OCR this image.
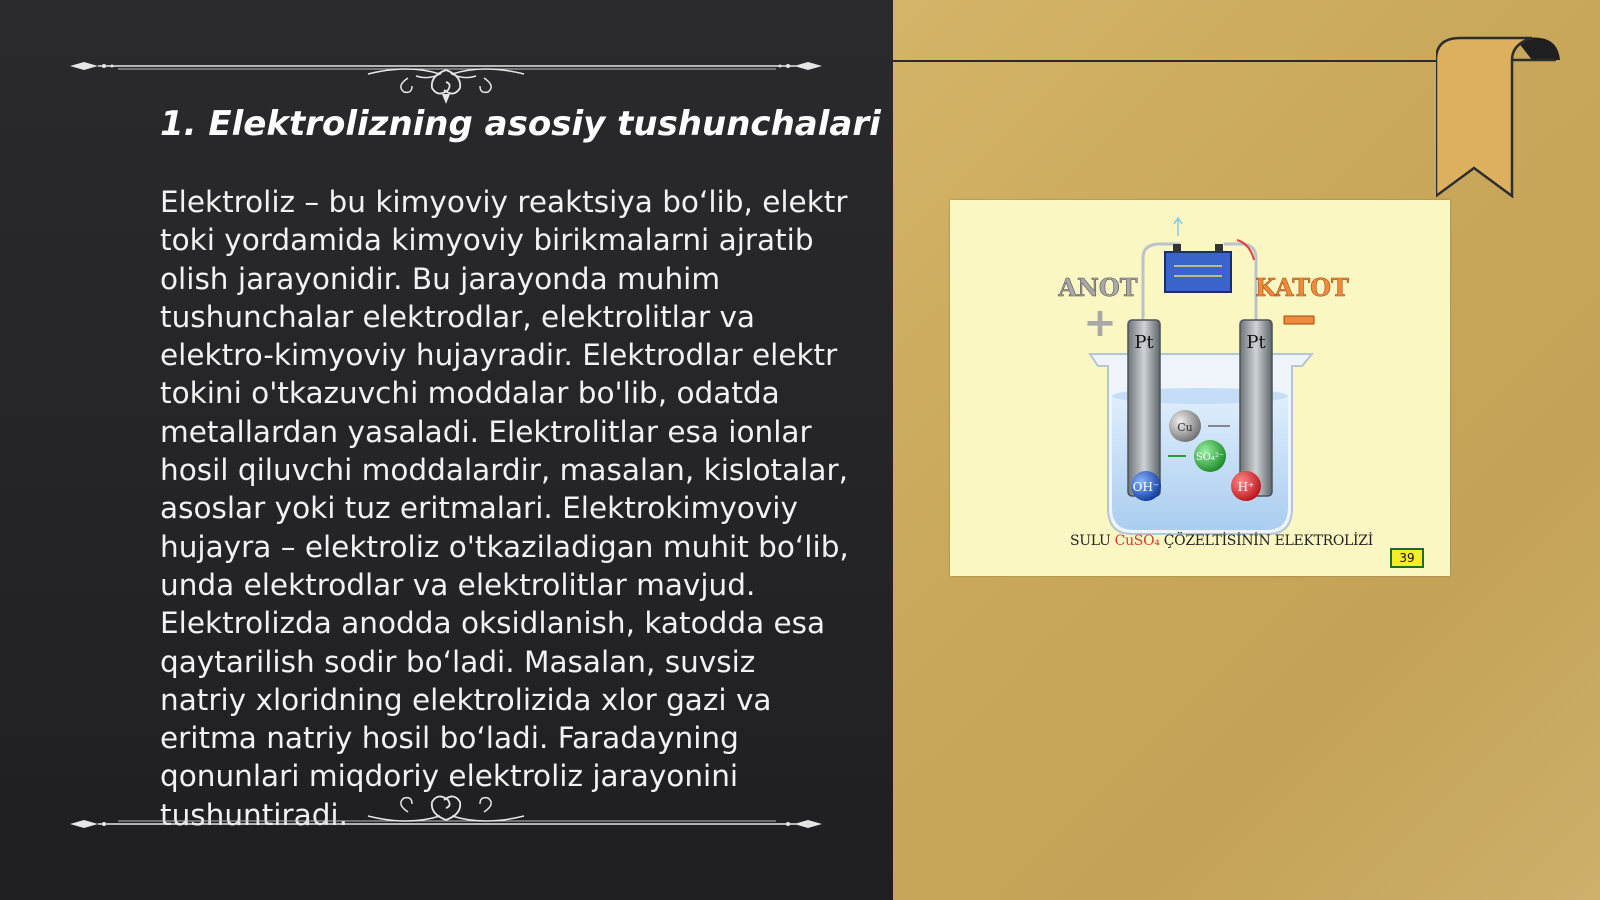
1. Elektrolizning asosiy tushunchalari

Elektroliz – bu kimyoviy reaktsiya bo‘lib, elektr toki yordamida kimyoviy birikmalarni ajratib olish jarayonidir. Bu jarayonda muhim tushunchalar elektrodlar, elektrolitlar va elektro-kimyoviy hujayradir. Elektrodlar elektr tokini o'tkazuvchi moddalar bo'lib, odatda metallardan yasaladi. Elektrolitlar esa ionlar hosil qiluvchi moddalardir, masalan, kislotalar, asoslar yoki tuz eritmalari. Elektrokimyoviy hujayra – elektroliz o'tkaziladigan muhit bo‘lib, unda elektrodlar va elektrolitlar mavjud. Elektrolizda anodda oksidlanish, katodda esa qaytarilish sodir bo‘ladi. Masalan, suvsiz natriy xloridning elektrolizida xlor gazi va eritma natriy hosil bo‘ladi. Faradayning qonunlari miqdoriy elektroliz jarayonini tushuntiradi.

Pt	Pt
ANOT	KATOT
+
Cu
SO₄²⁻
OH⁻	H⁺
SULU CuSO₄ ÇÖZELTİSİNİN ELEKTROLİZİ
39
